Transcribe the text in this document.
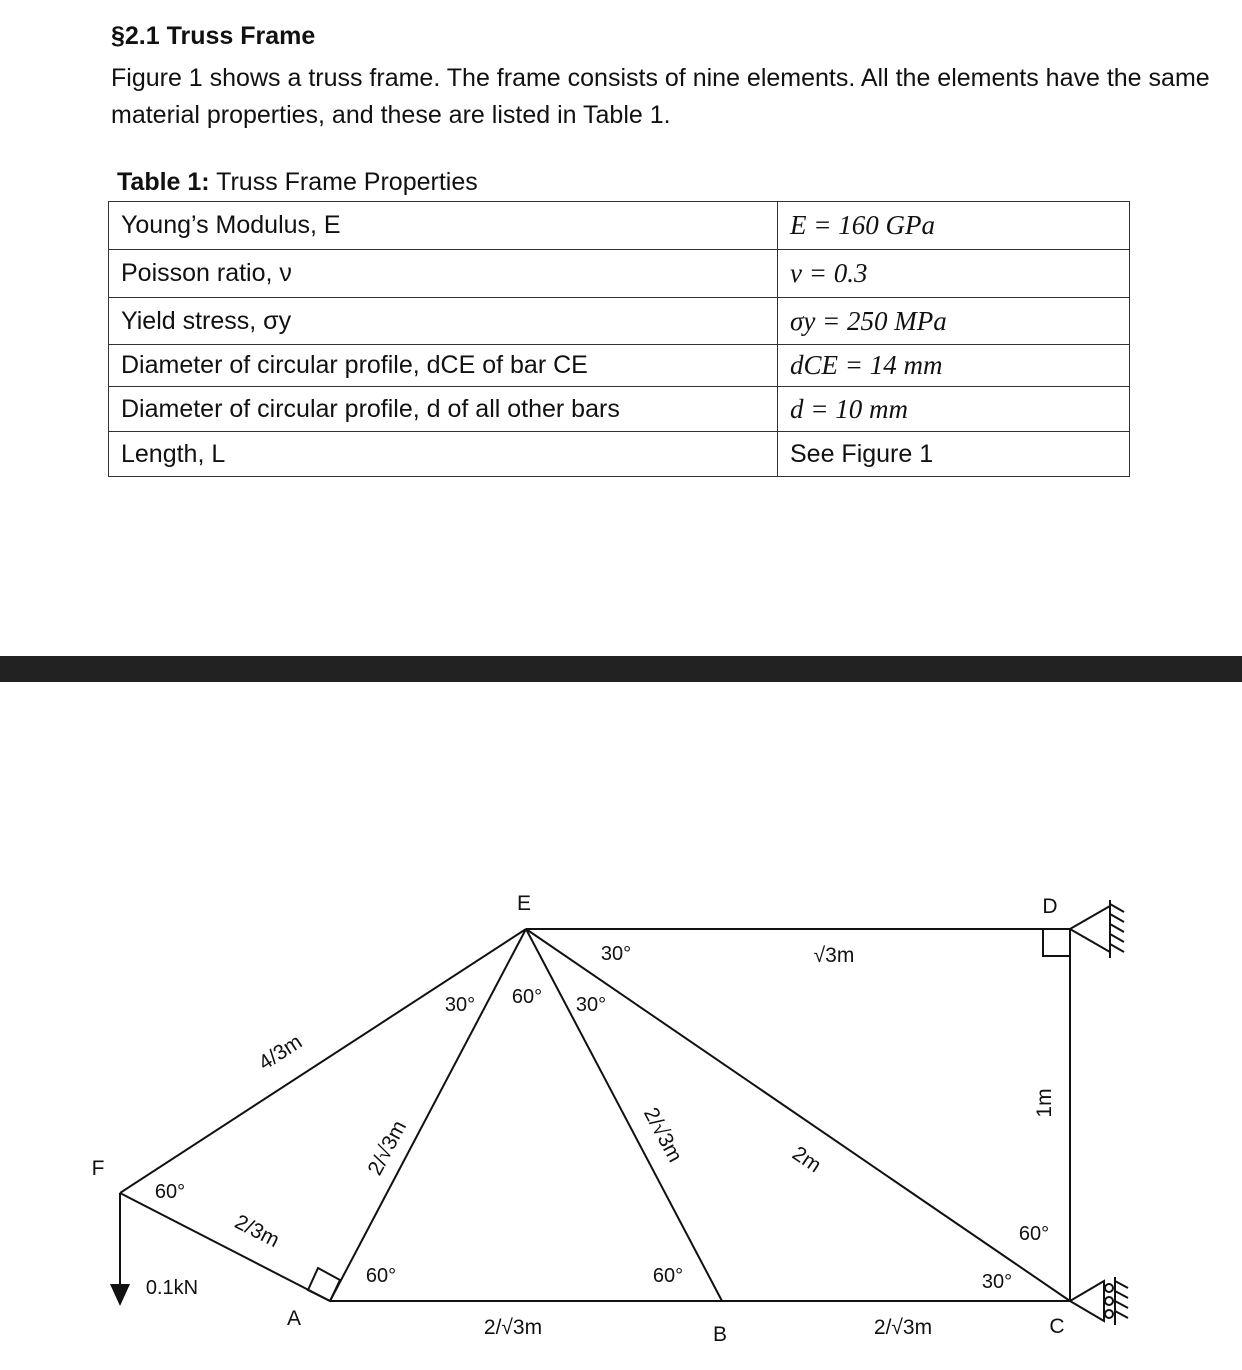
§2.1 Truss Frame

Figure 1 shows a truss frame. The frame consists of nine elements. All the elements have the same material properties, and these are listed in Table 1.

Table 1: Truss Frame Properties
Young’s Modulus, E	E = 160 GPa
Poisson ratio, ν	ν = 0.3
Yield stress, σy	σy = 250 MPa
Diameter of circular profile, dCE of bar CE	dCE = 14 mm
Diameter of circular profile, d of all other bars	d = 10 mm
Length, L	See Figure 1
E	D
F
A
B	C
4/3m
2/3m
2/√3m	2/√3m	2m
√3m
1m
2/√3m	2/√3m
30° 60° 30°
30°
60°
60°	60°	30°
60°
0.1kN
